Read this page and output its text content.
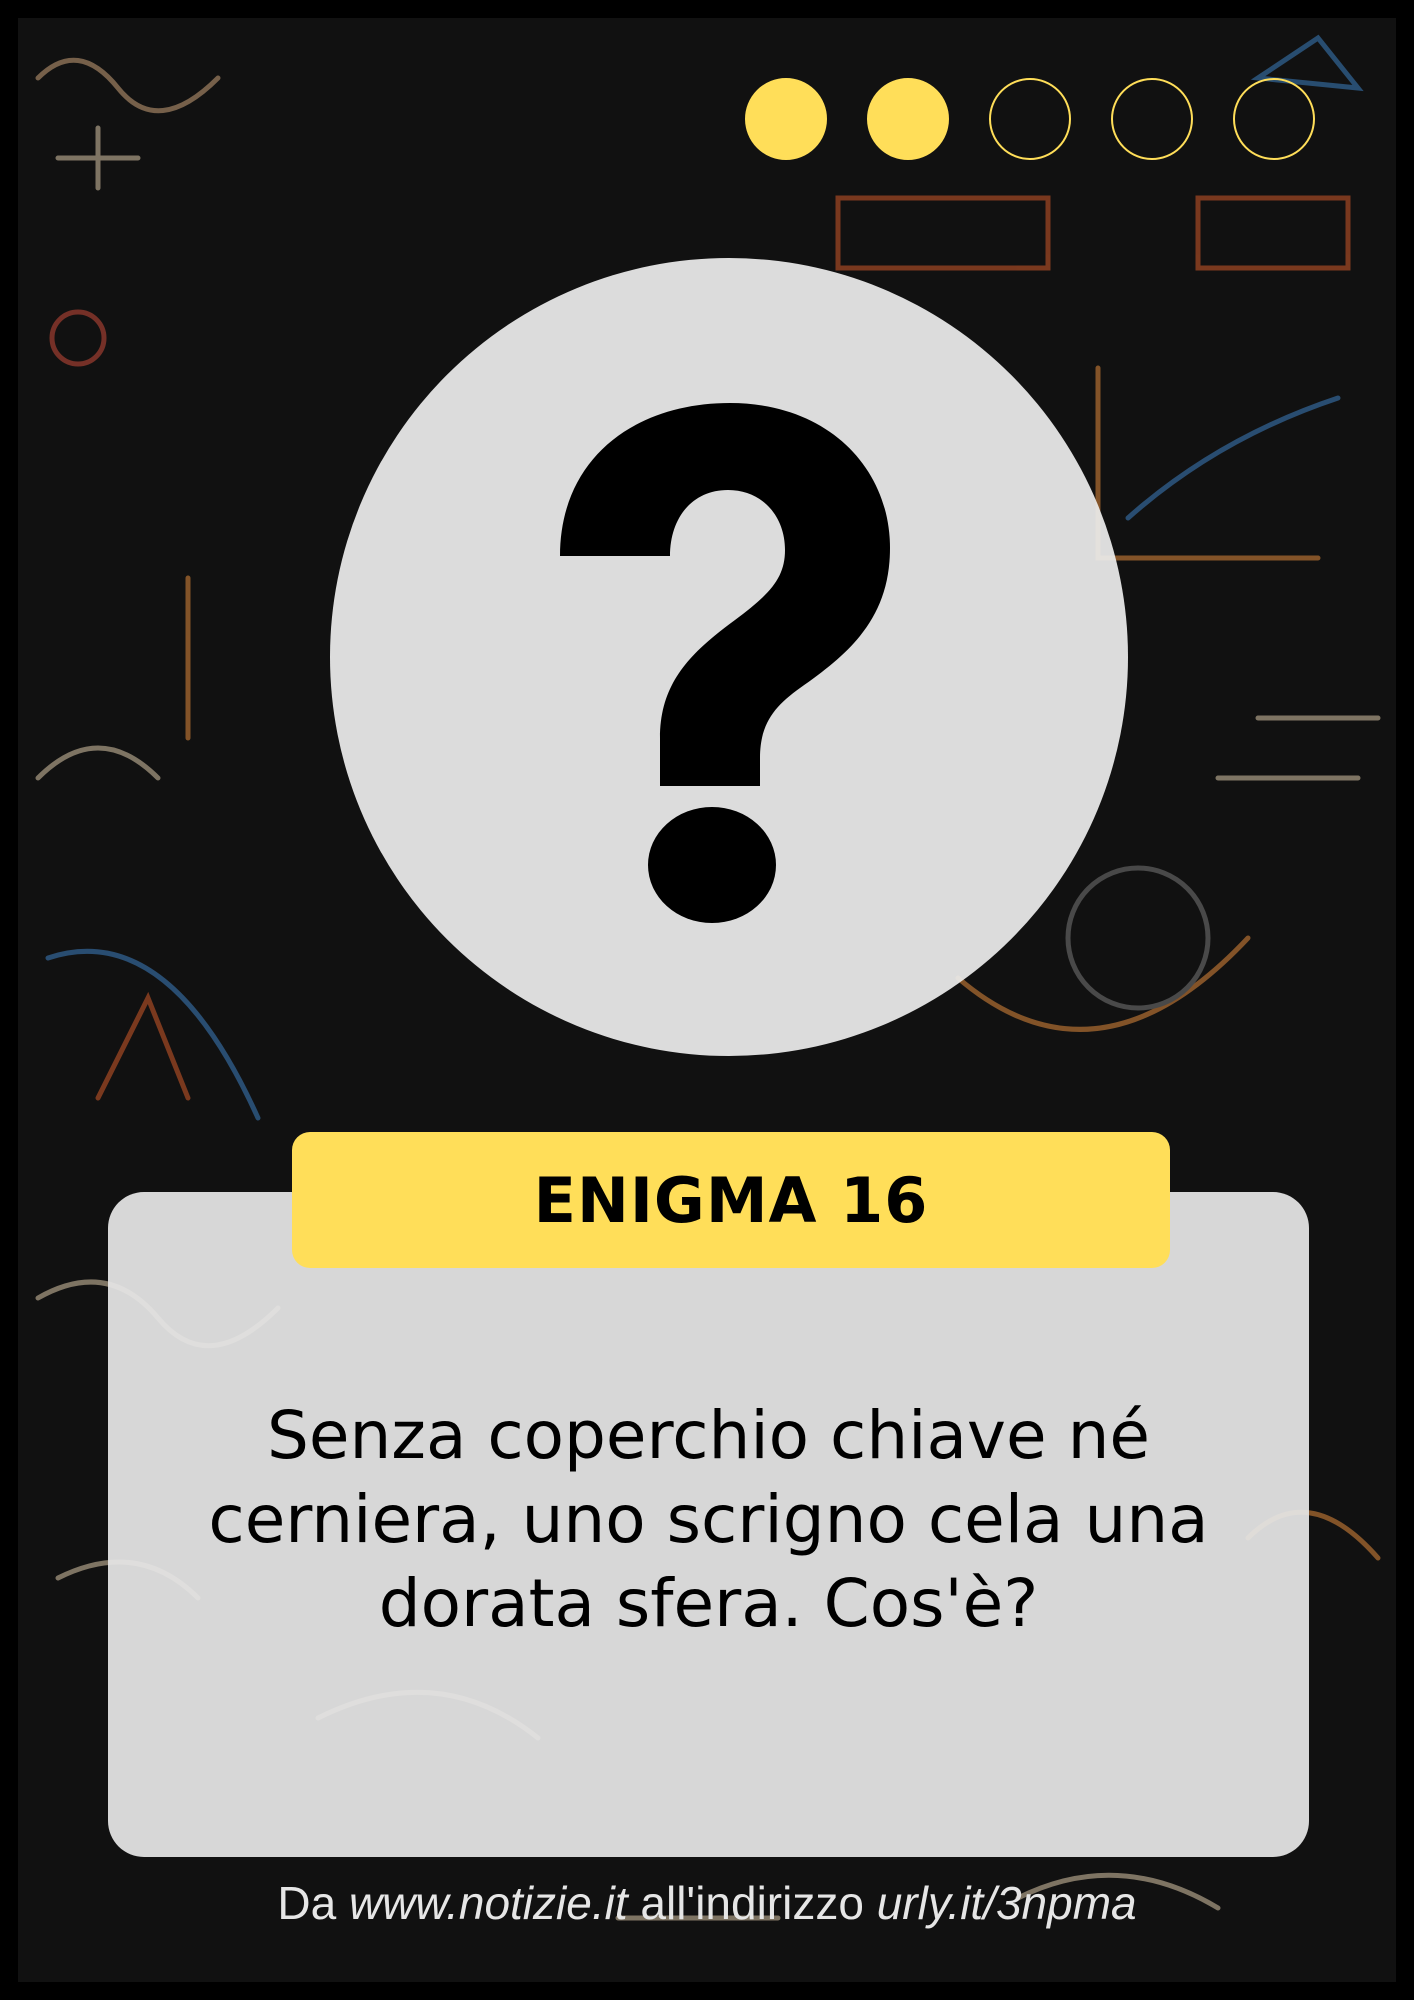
Senza coperchio chiave né
cerniera, uno scrigno cela una
dorata sfera. Cos'è?
ENIGMA 16
Da www.notizie.it all'indirizzo urly.it/3npma
